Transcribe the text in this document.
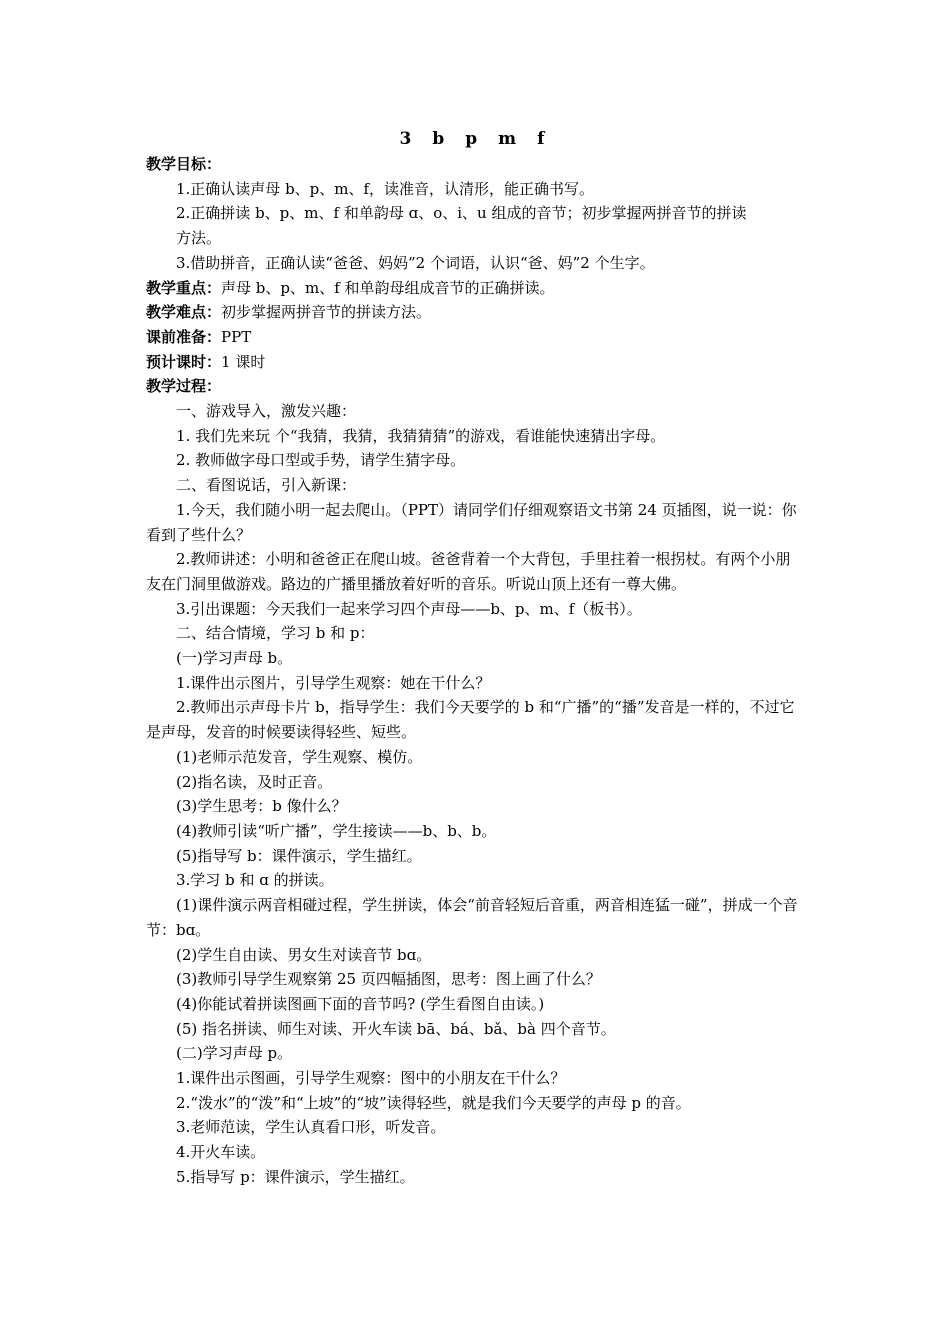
3　b　p　m　f

教学目标：

1.正确认读声母 b、p、m、f，读准音，认清形，能正确书写。

2.正确拼读 b、p、m、f 和单韵母 ɑ、o、i、u 组成的音节；初步掌握两拼音节的拼读

方法。

3.借助拼音，正确认读“爸爸、妈妈”2 个词语，认识“爸、妈”2 个生字。

教学重点：声母 b、p、m、f 和单韵母组成音节的正确拼读。

教学难点：初步掌握两拼音节的拼读方法。

课前准备：PPT

预计课时：1 课时

教学过程：

一、游戏导入，激发兴趣：

1. 我们先来玩 个“我猜，我猜，我猜猜猜”的游戏，看谁能快速猜出字母。

2. 教师做字母口型或手势，请学生猜字母。

二、看图说话，引入新课：

1.今天，我们随小明一起去爬山。（PPT）请同学们仔细观察语文书第 24 页插图，说一说：你看到了些什么？

2.教师讲述：小明和爸爸正在爬山坡。爸爸背着一个大背包，手里拄着一根拐杖。有两个小朋友在门洞里做游戏。路边的广播里播放着好听的音乐。听说山顶上还有一尊大佛。

3.引出课题：今天我们一起来学习四个声母——b、p、m、f（板书）。

二、结合情境，学习 b 和 p：

(一)学习声母 b。

1.课件出示图片，引导学生观察：她在干什么？

2.教师出示声母卡片 b，指导学生：我们今天要学的 b 和“广播”的“播”发音是一样的，不过它是声母，发音的时候要读得轻些、短些。

(1)老师示范发音，学生观察、模仿。

(2)指名读，及时正音。

(3)学生思考：b 像什么？

(4)教师引读“听广播”，学生接读——b、b、b。

(5)指导写 b：课件演示，学生描红。

3.学习 b 和 ɑ 的拼读。

(1)课件演示两音相碰过程，学生拼读，体会“前音轻短后音重，两音相连猛一碰”，拼成一个音节：bɑ。

(2)学生自由读、男女生对读音节 bɑ。

(3)教师引导学生观察第 25 页四幅插图，思考：图上画了什么？

(4)你能试着拼读图画下面的音节吗? (学生看图自由读。)

(5) 指名拼读、师生对读、开火车读 bā、bá、bǎ、bà 四个音节。

(二)学习声母 p。

1.课件出示图画，引导学生观察：图中的小朋友在干什么？

2.“泼水”的“泼”和“上坡”的“坡”读得轻些，就是我们今天要学的声母 p 的音。

3.老师范读，学生认真看口形，听发音。

4.开火车读。

5.指导写 p：课件演示，学生描红。
